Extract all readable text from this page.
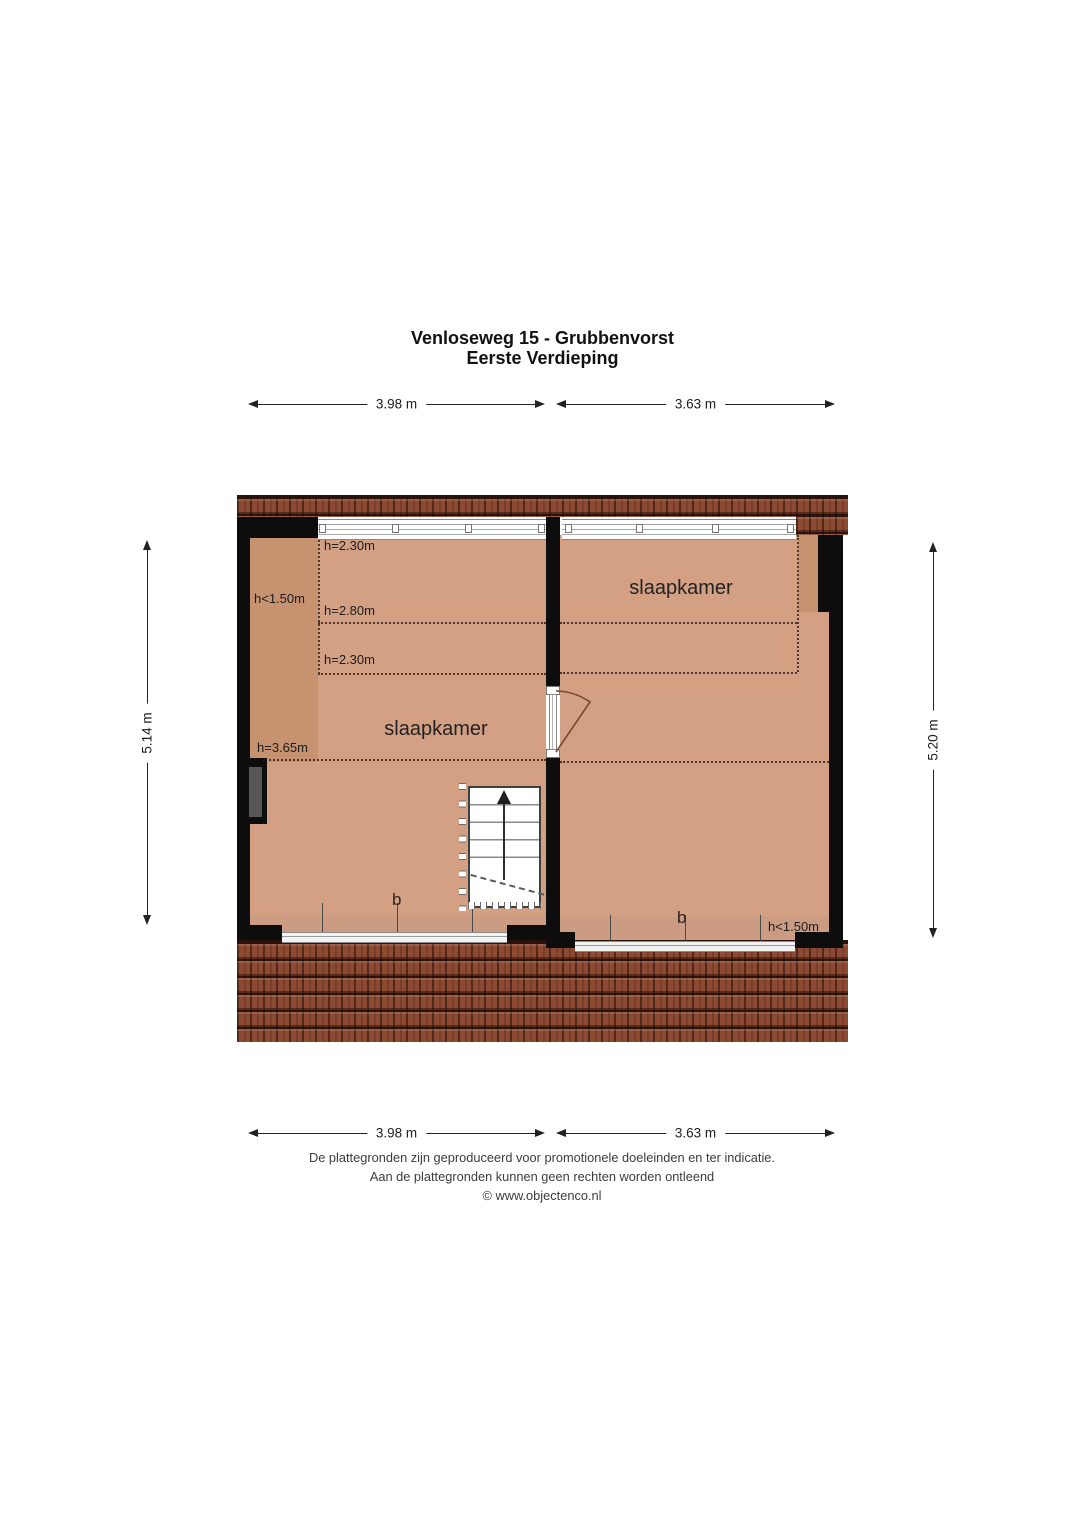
Venloseweg 15 - Grubbenvorst
Eerste Verdieping
3.98 m	3.63 m
5.14 m	5.20 m
h=2.30m
h<1.50m
h=2.80m
h=2.30m
h=3.65m
slaapkamer
slaapkamer
b
b	h<1.50m
3.98 m	3.63 m
De plattegronden zijn geproduceerd voor promotionele doeleinden en ter indicatie.
Aan de plattegronden kunnen geen rechten worden ontleend
© www.objectenco.nl
